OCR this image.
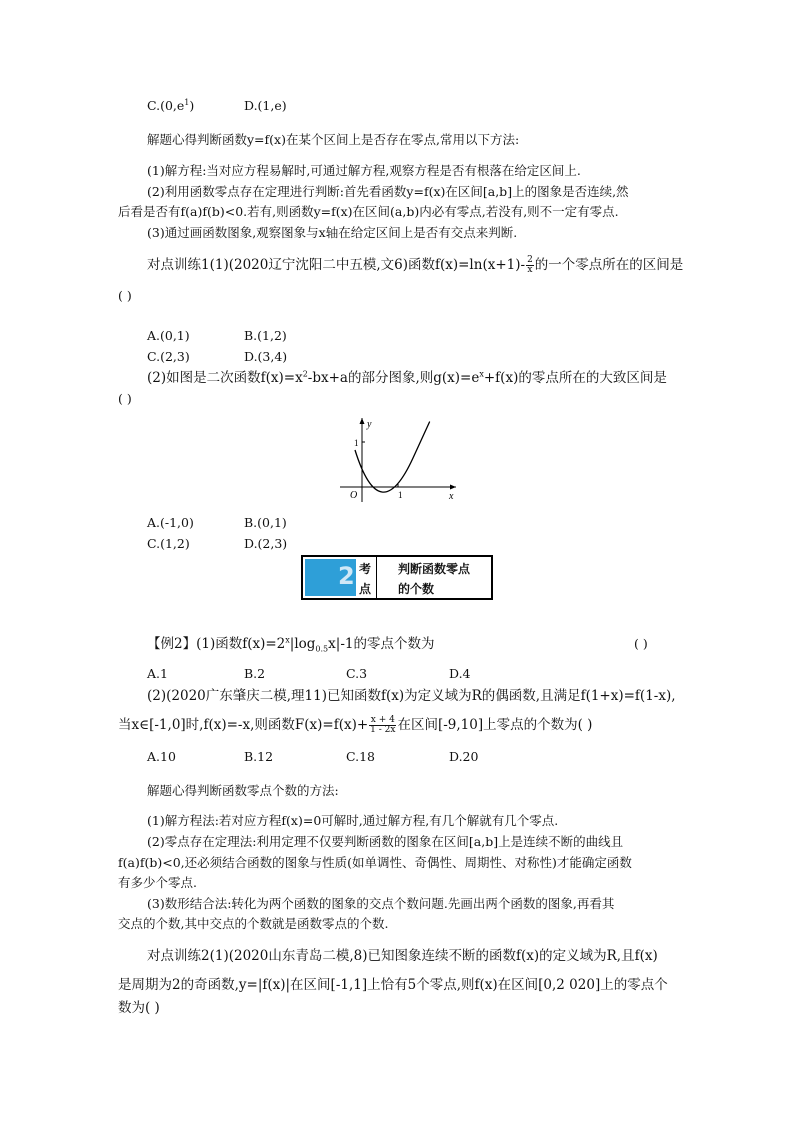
$C.(0,e^1)$	D.(1,e)
解题心得判断函数y=f(x)在某个区间上是否存在零点,常用以下方法:
(1)解方程:当对应方程易解时,可通过解方程,观察方程是否有根落在给定区间上.
(2)利用函数零点存在定理进行判断:首先看函数y=f(x)在区间[a,b]上的图象是否连续,然
后看是否有f(a)f(b)<0.若有,则函数y=f(x)在区间(a,b)内必有零点,若没有,则不一定有零点.
(3)通过画函数图象,观察图象与x轴在给定区间上是否有交点来判断.
对点训练1(1)(2020辽宁沈阳二中五模,文6)函数$f(x)=\ln(x+1)- \frac{2}{x}$ 的一个零点所在的区间是
( )
A.(0,1)	B.(1,2)
C.(2,3)	D.(3,4)
(2)如图是二次函数$f(x)=x^2-bx+a$的部分图象,则$g(x)=e^x+f(x)$的零点所在的大致区间是
( )
y
x
O
1
1
A.(-1,0)	B.(0,1)
C.(1,2)	D.(2,3)
2 考
点
判断函数零点
的个数
【例2】(1)函数$f(x)=2^x|\log_{0.5}x|-1$的零点个数为	( )
A.1	B.2	C.3	D.4
(2)(2020广东肇庆二模,理11)已知函数f(x)为定义域为R的偶函数,且满足f(1+x)=f(1-x),
当x∈[-1,0]时,f(x)=-x,则函数$F(x)=f(x)+ \frac{x + 4}{1 - 2x}$ 在区间[-9,10]上零点的个数为( )
A.10	B.12	C.18	D.20
解题心得判断函数零点个数的方法:
(1)解方程法:若对应方程f(x)=0可解时,通过解方程,有几个解就有几个零点.
(2)零点存在定理法:利用定理不仅要判断函数的图象在区间[a,b]上是连续不断的曲线且
f(a)f(b)<0,还必须结合函数的图象与性质(如单调性、奇偶性、周期性、对称性)才能确定函数
有多少个零点.
(3)数形结合法:转化为两个函数的图象的交点个数问题.先画出两个函数的图象,再看其
交点的个数,其中交点的个数就是函数零点的个数.
对点训练2(1)(2020山东青岛二模,8)已知图象连续不断的函数f(x)的定义域为R,且f(x)
是周期为2的奇函数,y=|f(x)|在区间[-1,1]上恰有5个零点,则f(x)在区间[0,2 020]上的零点个
数为( )
